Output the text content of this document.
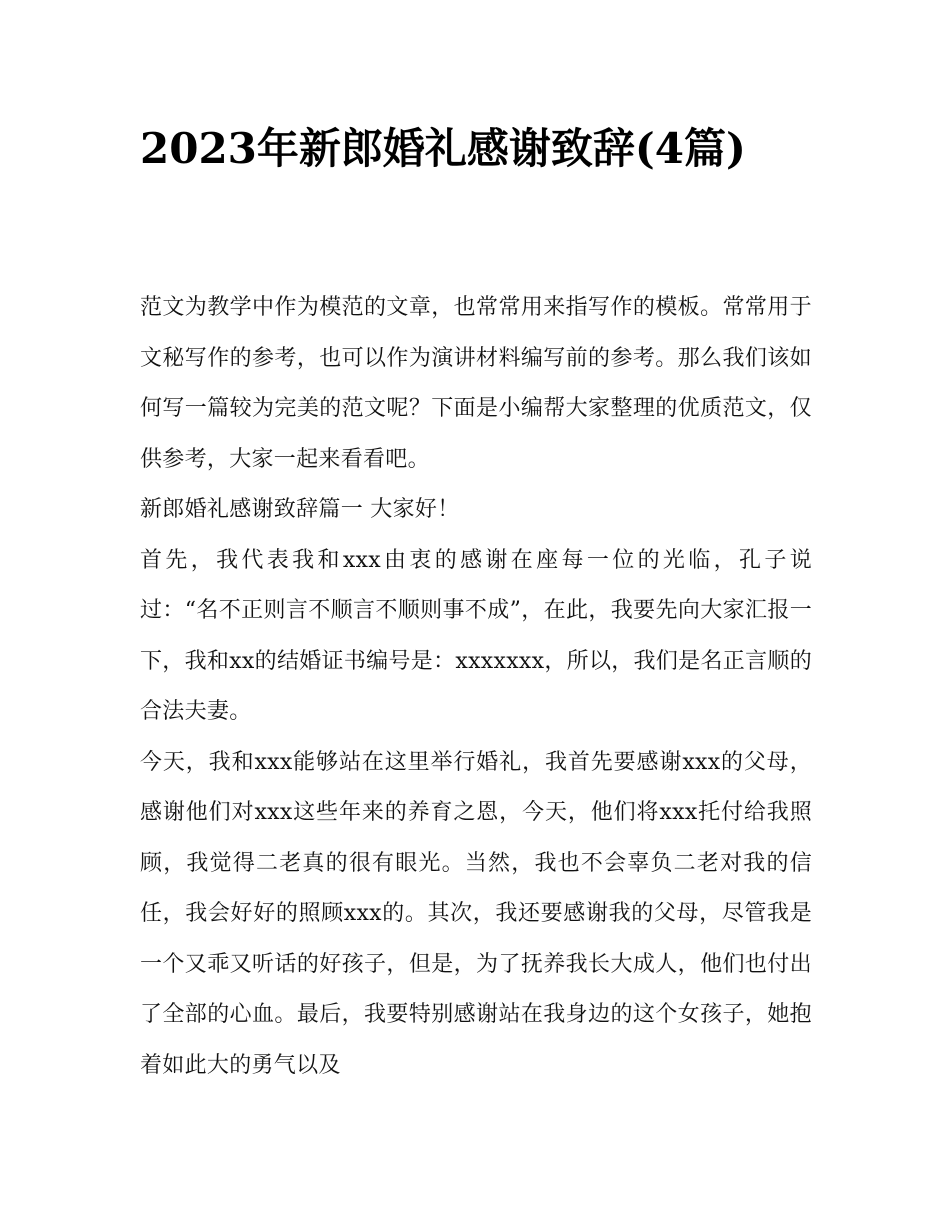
2023年新郎婚礼感谢致辞(4篇)

范文为教学中作为模范的文章，也常常用来指写作的模板。常常用于文秘写作的参考，也可以作为演讲材料编写前的参考。那么我们该如何写一篇较为完美的范文呢？下面是小编帮大家整理的优质范文，仅供参考，大家一起来看看吧。

新郎婚礼感谢致辞篇一 大家好！

首先，我代表我和xxx由衷的感谢在座每一位的光临，孔子说过：“名不正则言不顺言不顺则事不成”，在此，我要先向大家汇报一下，我和xx的结婚证书编号是：xxxxxxx，所以，我们是名正言顺的合法夫妻。

今天，我和xxx能够站在这里举行婚礼，我首先要感谢xxx的父母，感谢他们对xxx这些年来的养育之恩，今天，他们将xxx托付给我照顾，我觉得二老真的很有眼光。当然，我也不会辜负二老对我的信任，我会好好的照顾xxx的。其次，我还要感谢我的父母，尽管我是一个又乖又听话的好孩子，但是，为了抚养我长大成人，他们也付出了全部的心血。最后，我要特别感谢站在我身边的这个女孩子，她抱着如此大的勇气以及
